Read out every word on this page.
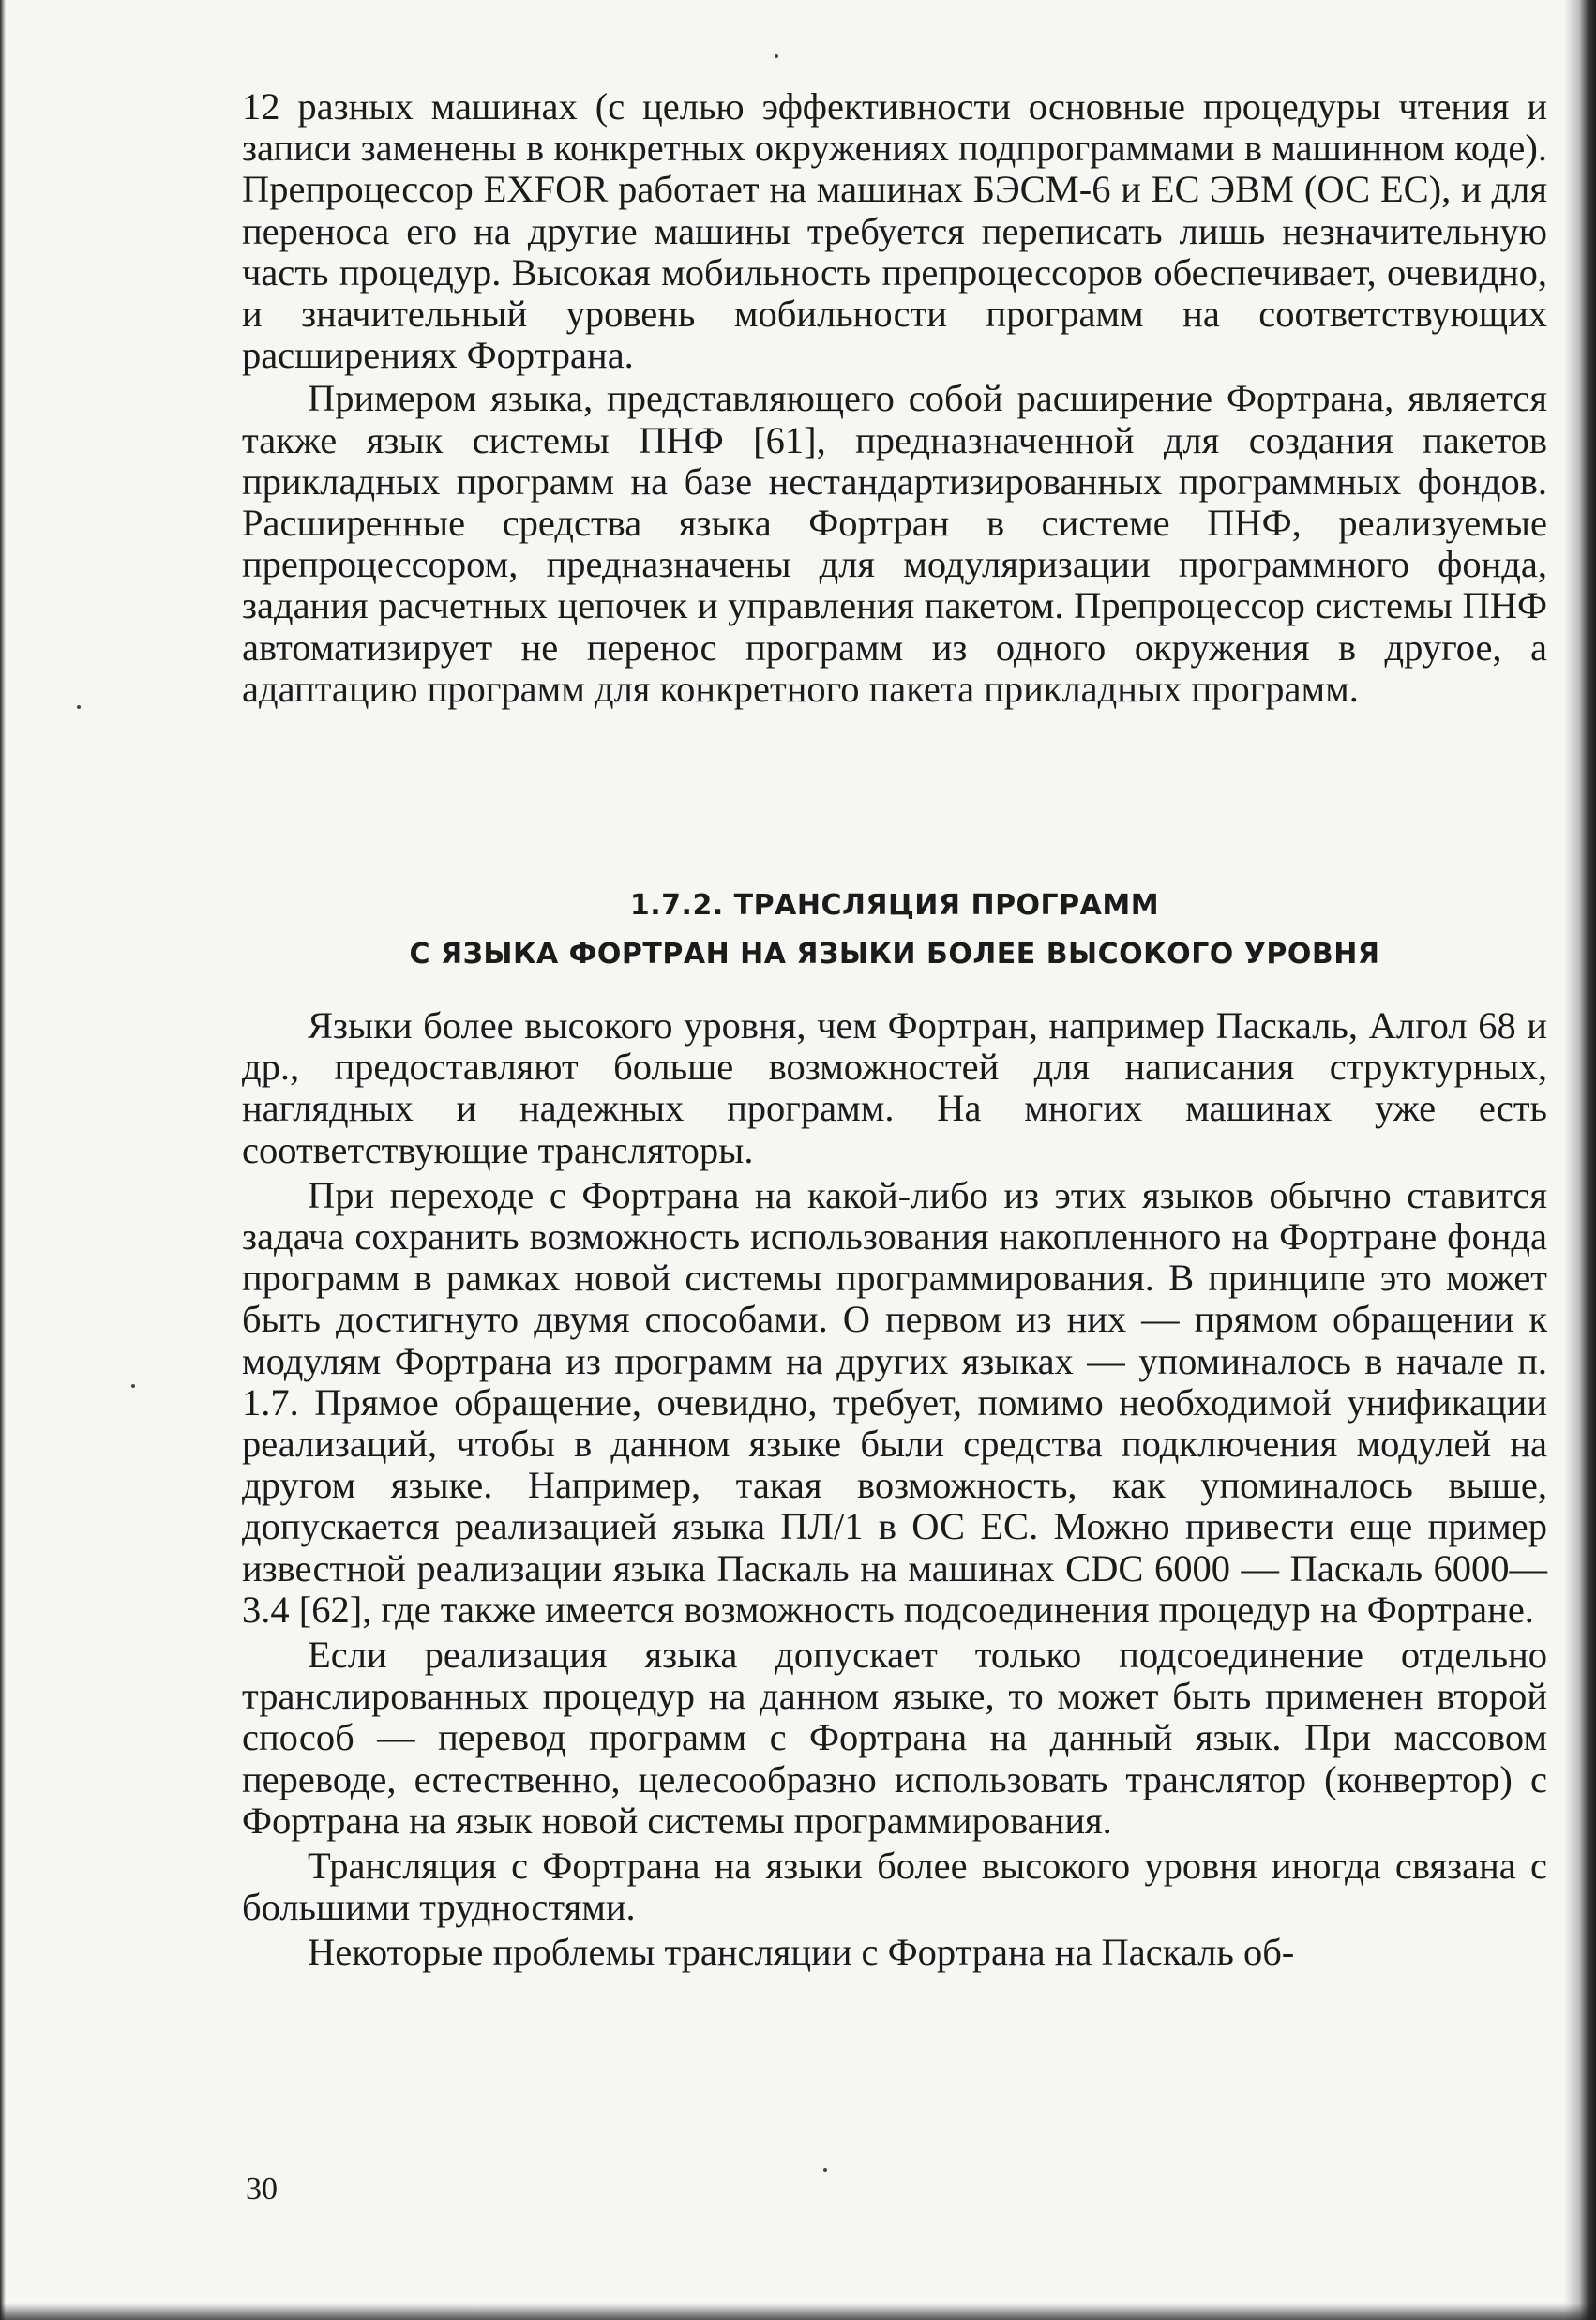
12 разных машинах (с целью эффективности основные процедуры чтения и записи заменены в конкретных окружениях подпрограммами в машинном коде). Препроцессор EXFOR работает на машинах БЭСМ-6 и ЕС ЭВМ (ОС ЕС), и для переноса его на другие машины требуется переписать лишь незначительную часть процедур. Высокая мобильность препроцессоров обеспечивает, очевидно, и значительный уровень мобильности программ на соответствующих расширениях Фортрана.

Примером языка, представляющего собой расширение Фортрана, является также язык системы ПНФ [61], предназначенной для создания пакетов прикладных программ на базе нестандартизированных программных фондов. Расширенные средства языка Фортран в системе ПНФ, реализуемые препроцессором, предназначены для модуляризации программного фонда, задания расчетных цепочек и управления пакетом. Препроцессор системы ПНФ автоматизирует не перенос программ из одного окружения в другое, а адаптацию программ для конкретного пакета прикладных программ.

1.7.2. ТРАНСЛЯЦИЯ ПРОГРАММ
С ЯЗЫКА ФОРТРАН НА ЯЗЫКИ БОЛЕЕ ВЫСОКОГО УРОВНЯ

Языки более высокого уровня, чем Фортран, например Паскаль, Алгол 68 и др., предоставляют больше возможностей для написания структурных, наглядных и надежных программ. На многих машинах уже есть соответствующие трансляторы.

При переходе с Фортрана на какой-либо из этих языков обычно ставится задача сохранить возможность использования накопленного на Фортране фонда программ в рамках новой системы программирования. В принципе это может быть достигнуто двумя способами. О первом из них — прямом обращении к модулям Фортрана из программ на других языках — упоминалось в начале п. 1.7. Прямое обращение, очевидно, требует, помимо необходимой унификации реализаций, чтобы в данном языке были средства подключения модулей на другом языке. Например, такая возможность, как упоминалось выше, допускается реализацией языка ПЛ/1 в ОС ЕС. Можно привести еще пример известной реализации языка Паскаль на машинах CDC 6000 — Паскаль 6000—3.4 [62], где также имеется возможность подсоединения процедур на Фортране.

Если реализация языка допускает только подсоединение отдельно транслированных процедур на данном языке, то может быть применен второй способ — перевод программ с Фортрана на данный язык. При массовом переводе, естественно, целесообразно использовать транслятор (конвертор) с Фортрана на язык новой системы программирования.

Трансляция с Фортрана на языки более высокого уровня иногда связана с большими трудностями.

Некоторые проблемы трансляции с Фортрана на Паскаль об-

30
